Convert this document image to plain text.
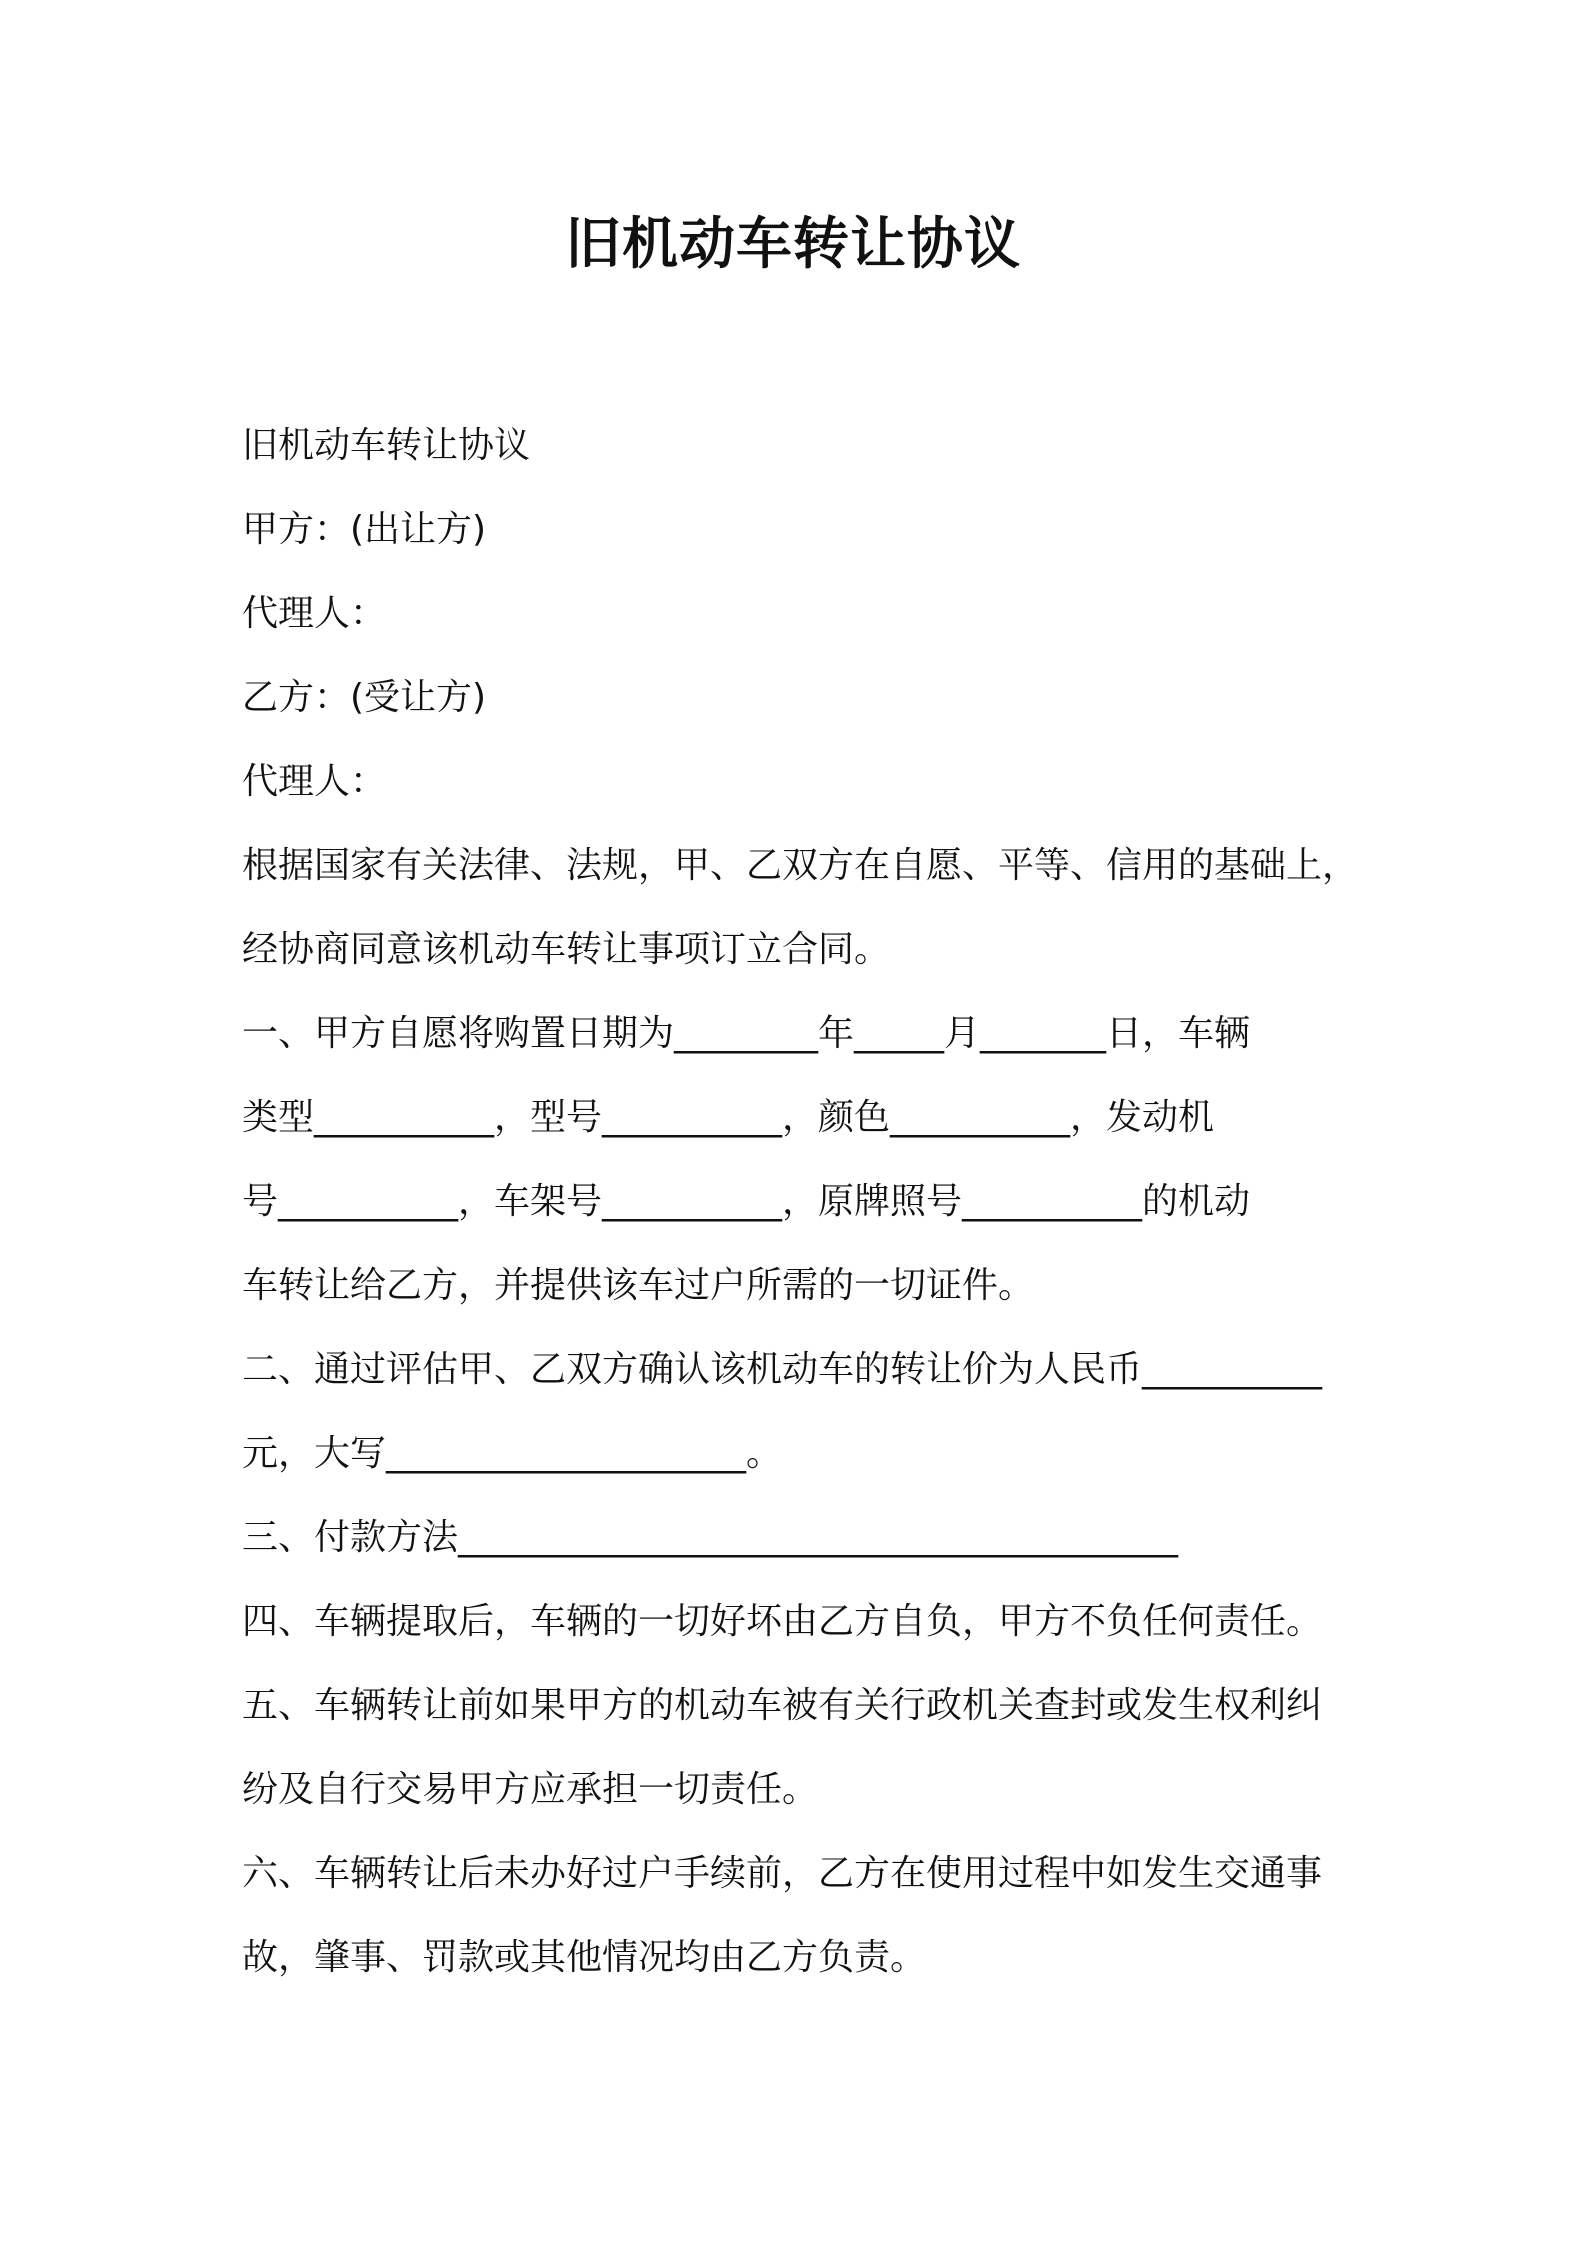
旧机动车转让协议
旧机动车转让协议
甲方：(出让方)
代理人：
乙方：(受让方)
代理人：
根据国家有关法律、法规，甲、乙双方在自愿、平等、信用的基础上，
经协商同意该机动车转让事项订立合同。
一、甲方自愿将购置日期为________年_____月_______日，车辆
类型__________，型号__________，颜色__________，发动机
号__________，车架号__________，原牌照号__________的机动
车转让给乙方，并提供该车过户所需的一切证件。
二、通过评估甲、乙双方确认该机动车的转让价为人民币__________
元，大写____________________。
三、付款方法________________________________________
四、车辆提取后，车辆的一切好坏由乙方自负，甲方不负任何责任。
五、车辆转让前如果甲方的机动车被有关行政机关查封或发生权利纠
纷及自行交易甲方应承担一切责任。
六、车辆转让后未办好过户手续前，乙方在使用过程中如发生交通事
故，肇事、罚款或其他情况均由乙方负责。
